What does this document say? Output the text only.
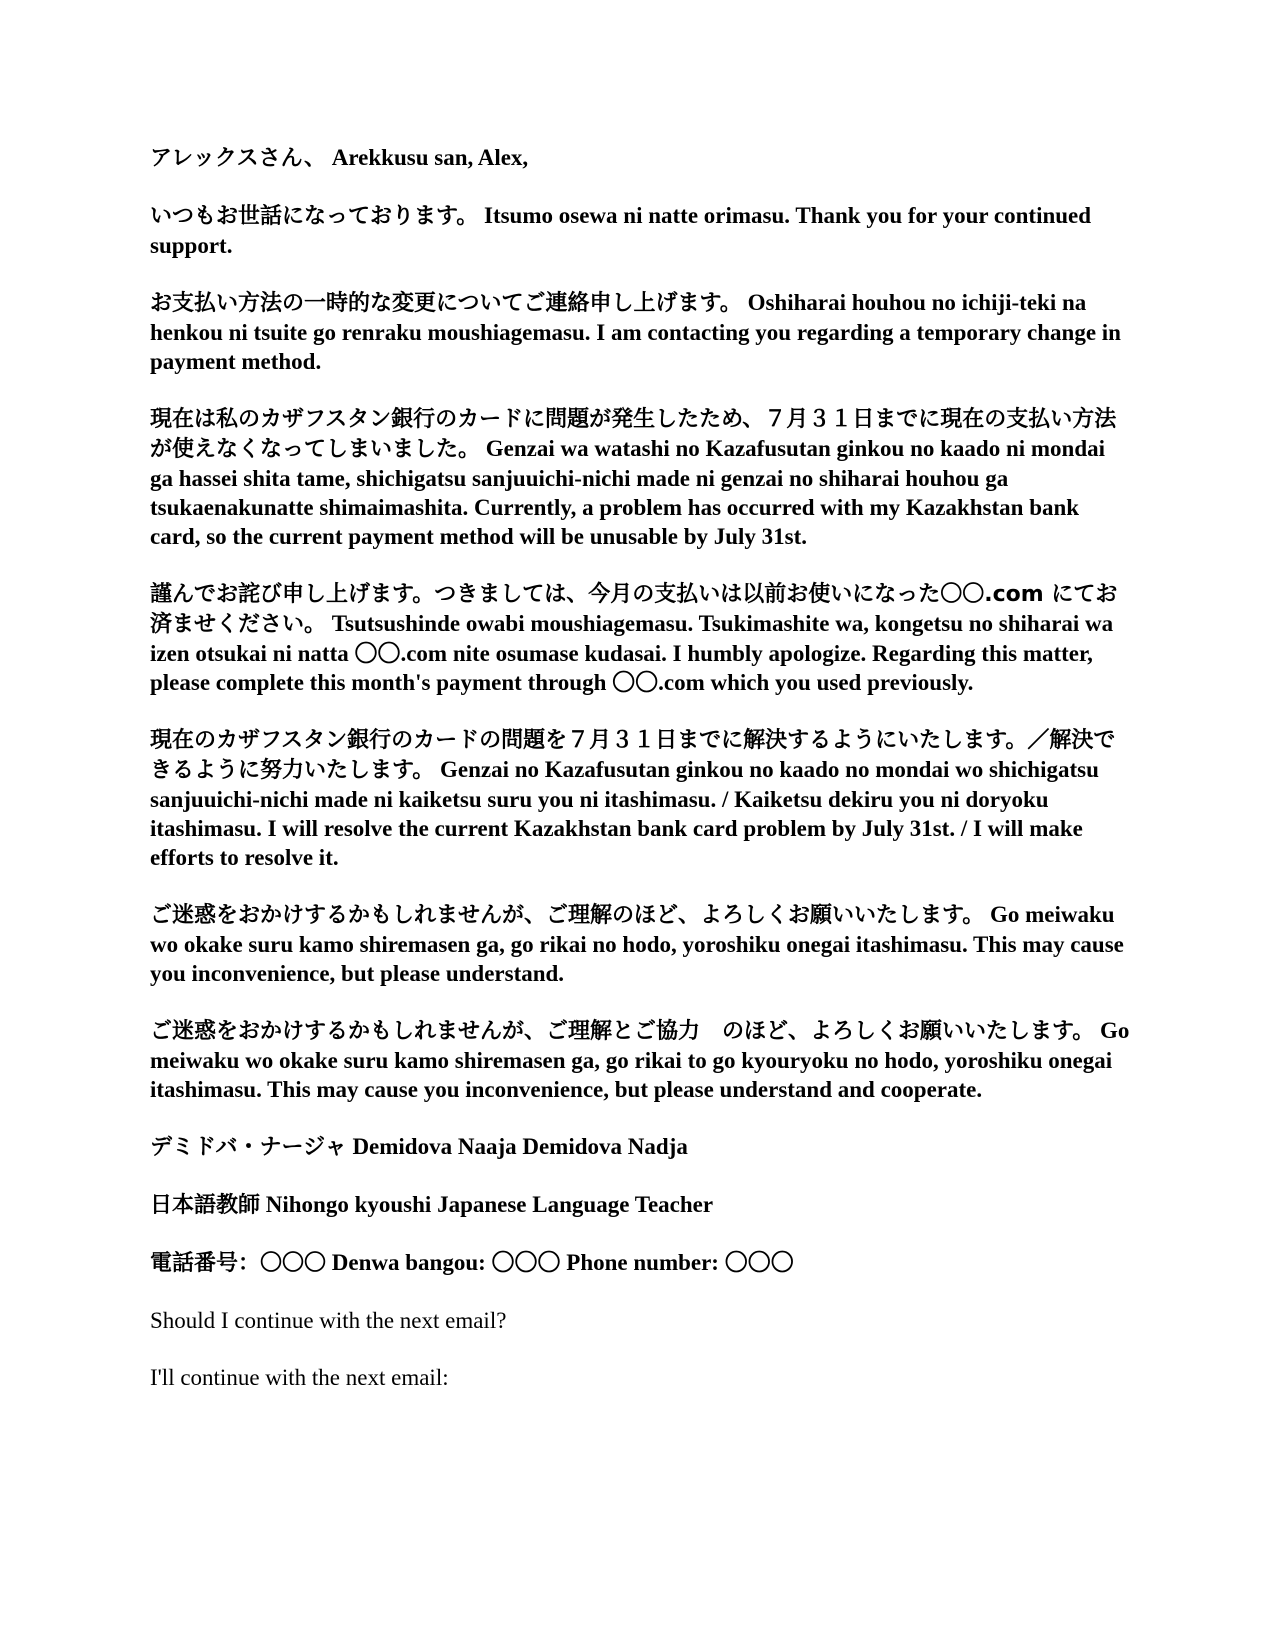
アレックスさん、 Arekkusu san, Alex,

いつもお世話になっております。 Itsumo osewa ni natte orimasu. Thank you for your continued support.

お支払い方法の一時的な変更についてご連絡申し上げます。 Oshiharai houhou no ichiji-teki na henkou ni tsuite go renraku moushiagemasu. I am contacting you regarding a temporary change in payment method.

現在は私のカザフスタン銀行のカードに問題が発生したため、７月３１日までに現在の支払い方法が使えなくなってしまいました。 Genzai wa watashi no Kazafusutan ginkou no kaado ni mondai ga hassei shita tame, shichigatsu sanjuuichi-nichi made ni genzai no shiharai houhou ga tsukaenakunatte shimaimashita. Currently, a problem has occurred with my Kazakhstan bank card, so the current payment method will be unusable by July 31st.

謹んでお詫び申し上げます。つきましては、今月の支払いは以前お使いになった〇〇.com にてお済ませください。 Tsutsushinde owabi moushiagemasu. Tsukimashite wa, kongetsu no shiharai wa izen otsukai ni natta 〇〇.com nite osumase kudasai. I humbly apologize. Regarding this matter, please complete this month's payment through 〇〇.com which you used previously.

現在のカザフスタン銀行のカードの問題を７月３１日までに解決するようにいたします。／解決できるように努力いたします。 Genzai no Kazafusutan ginkou no kaado no mondai wo shichigatsu sanjuuichi-nichi made ni kaiketsu suru you ni itashimasu. / Kaiketsu dekiru you ni doryoku itashimasu. I will resolve the current Kazakhstan bank card problem by July 31st. / I will make efforts to resolve it.

ご迷惑をおかけするかもしれませんが、ご理解のほど、よろしくお願いいたします。 Go meiwaku wo okake suru kamo shiremasen ga, go rikai no hodo, yoroshiku onegai itashimasu. This may cause you inconvenience, but please understand.

ご迷惑をおかけするかもしれませんが、ご理解とご協力　のほど、よろしくお願いいたします。 Go meiwaku wo okake suru kamo shiremasen ga, go rikai to go kyouryoku no hodo, yoroshiku onegai itashimasu. This may cause you inconvenience, but please understand and cooperate.

デミドバ・ナージャ Demidova Naaja Demidova Nadja

日本語教師 Nihongo kyoushi Japanese Language Teacher

電話番号：〇〇〇 Denwa bangou: 〇〇〇 Phone number: 〇〇〇

Should I continue with the next email?

I'll continue with the next email:
